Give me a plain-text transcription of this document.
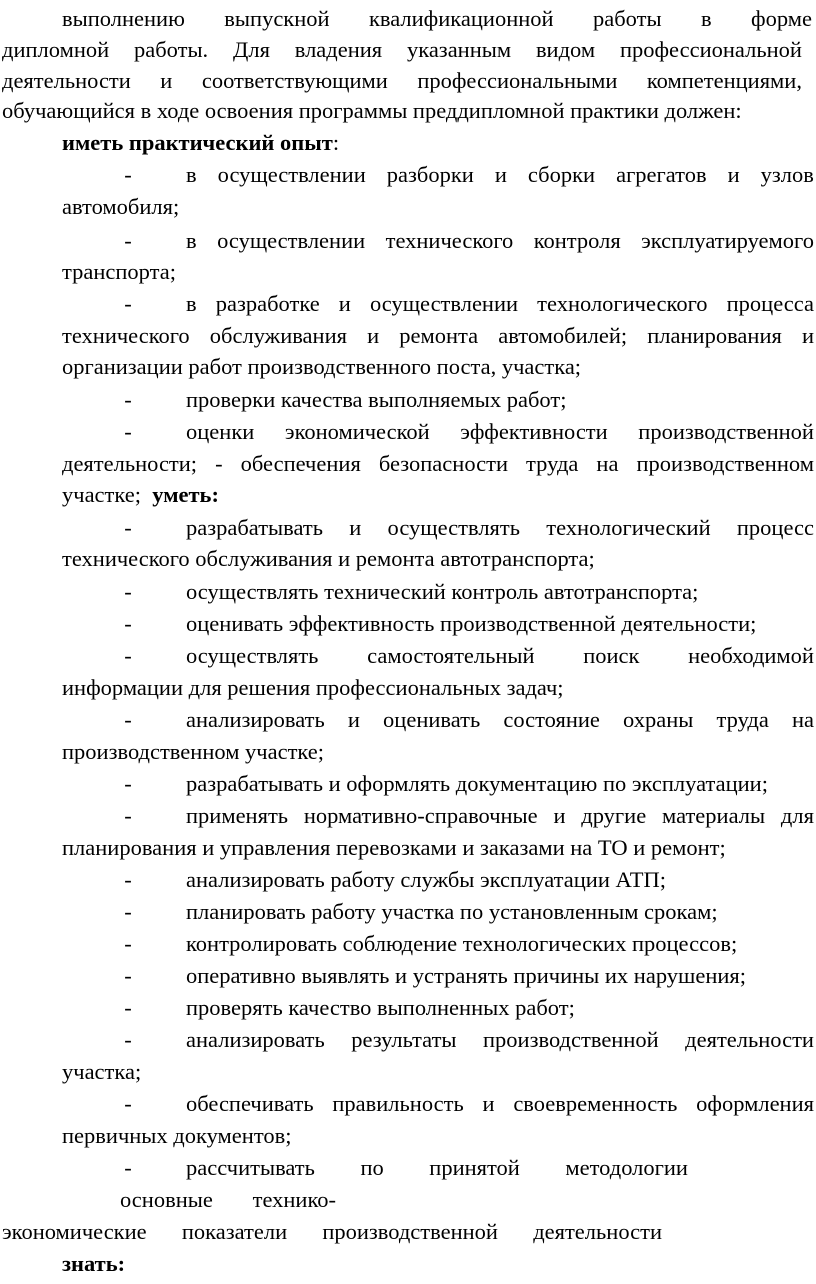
выполнению выпускной квалификационной работы в форме
дипломной работы. Для владения указанным видом профессиональной
деятельности и соответствующими профессиональными компетенциями,
обучающийся в ходе освоения программы преддипломной практики должен:
иметь практический опыт:
- в осуществлении разборки и сборки агрегатов и узлов
автомобиля;
- в осуществлении технического контроля эксплуатируемого
транспорта;
- в разработке и осуществлении технологического процесса
технического обслуживания и ремонта автомобилей; планирования и
организации работ производственного поста, участка;
- проверки качества выполняемых работ;
- оценки экономической эффективности производственной
деятельности; - обеспечения безопасности труда на производственном
участке; уметь:
- разрабатывать и осуществлять технологический процесс
технического обслуживания и ремонта автотранспорта;
- осуществлять технический контроль автотранспорта;
- оценивать эффективность производственной деятельности;
- осуществлять самостоятельный поиск необходимой
информации для решения профессиональных задач;
- анализировать и оценивать состояние охраны труда на
производственном участке;
- разрабатывать и оформлять документацию по эксплуатации;
- применять нормативно-справочные и другие материалы для
планирования и управления перевозками и заказами на ТО и ремонт;
- анализировать работу службы эксплуатации АТП;
- планировать работу участка по установленным срокам;
- контролировать соблюдение технологических процессов;
- оперативно выявлять и устранять причины их нарушения;
- проверять качество выполненных работ;
- анализировать результаты производственной деятельности
участка;
- обеспечивать правильность и своевременность оформления
первичных документов;
- рассчитывать по принятой методологии
основные технико-
экономические показатели производственной деятельности
знать:
